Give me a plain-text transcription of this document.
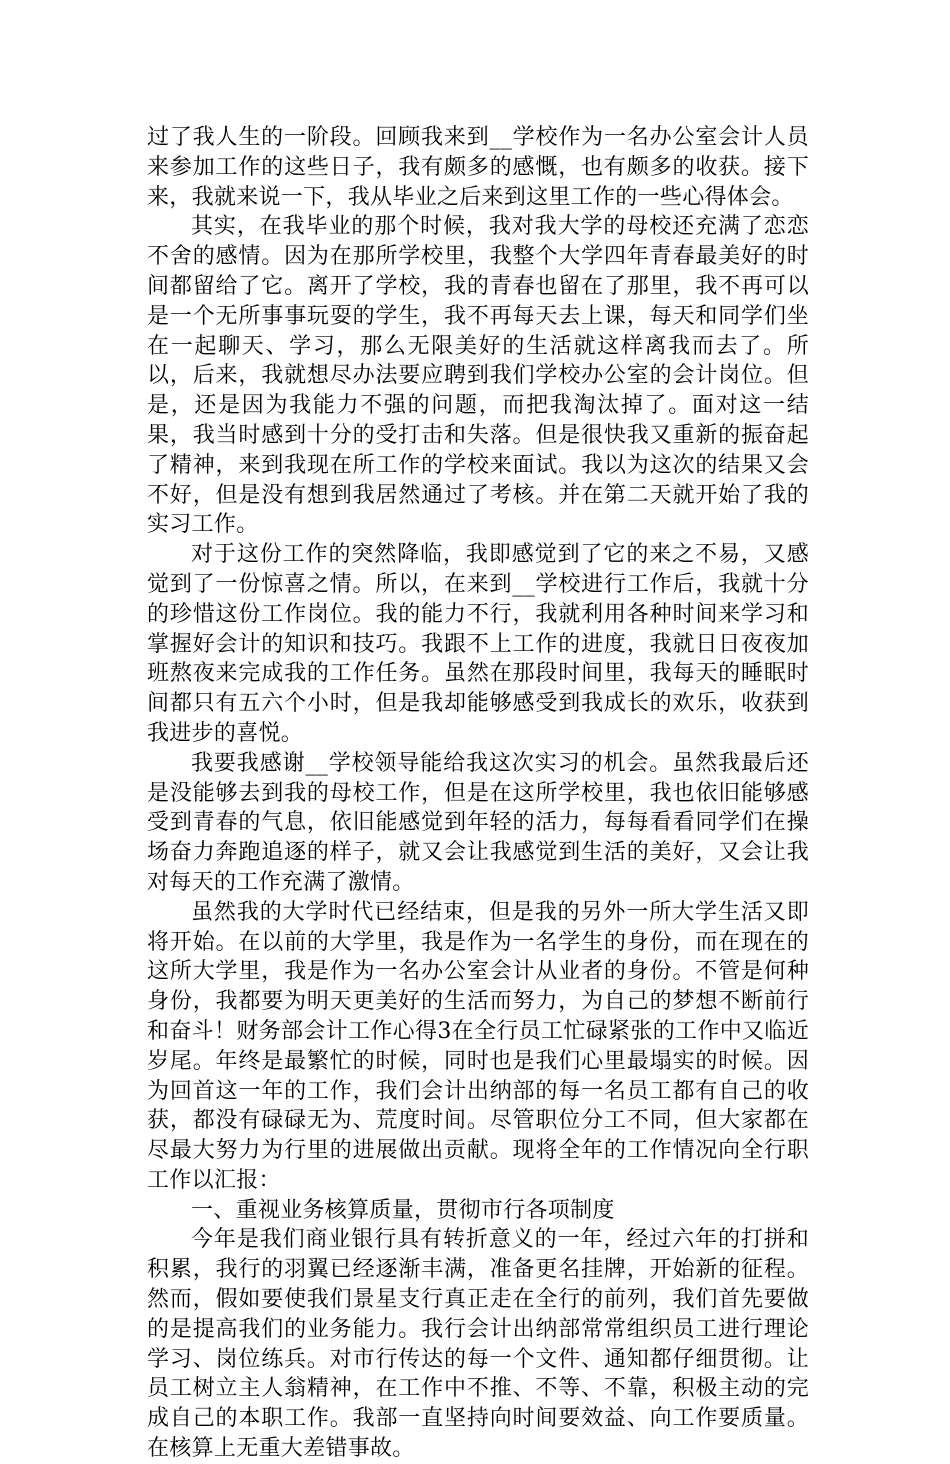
过了我人生的一阶段。回顾我来到__学校作为一名办公室会计人员来参加工作的这些日子，我有颇多的感慨，也有颇多的收获。接下来，我就来说一下，我从毕业之后来到这里工作的一些心得体会。

其实，在我毕业的那个时候，我对我大学的母校还充满了恋恋不舍的感情。因为在那所学校里，我整个大学四年青春最美好的时间都留给了它。离开了学校，我的青春也留在了那里，我不再可以是一个无所事事玩耍的学生，我不再每天去上课，每天和同学们坐在一起聊天、学习，那么无限美好的生活就这样离我而去了。所以，后来，我就想尽办法要应聘到我们学校办公室的会计岗位。但是，还是因为我能力不强的问题，而把我淘汰掉了。面对这一结果，我当时感到十分的受打击和失落。但是很快我又重新的振奋起了精神，来到我现在所工作的学校来面试。我以为这次的结果又会不好，但是没有想到我居然通过了考核。并在第二天就开始了我的实习工作。

对于这份工作的突然降临，我即感觉到了它的来之不易，又感觉到了一份惊喜之情。所以，在来到__学校进行工作后，我就十分的珍惜这份工作岗位。我的能力不行，我就利用各种时间来学习和掌握好会计的知识和技巧。我跟不上工作的进度，我就日日夜夜加班熬夜来完成我的工作任务。虽然在那段时间里，我每天的睡眠时间都只有五六个小时，但是我却能够感受到我成长的欢乐，收获到我进步的喜悦。

我要我感谢__学校领导能给我这次实习的机会。虽然我最后还是没能够去到我的母校工作，但是在这所学校里，我也依旧能够感受到青春的气息，依旧能感觉到年轻的活力，每每看看同学们在操场奋力奔跑追逐的样子，就又会让我感觉到生活的美好，又会让我对每天的工作充满了激情。

虽然我的大学时代已经结束，但是我的另外一所大学生活又即将开始。在以前的大学里，我是作为一名学生的身份，而在现在的这所大学里，我是作为一名办公室会计从业者的身份。不管是何种身份，我都要为明天更美好的生活而努力，为自己的梦想不断前行和奋斗！财务部会计工作心得3在全行员工忙碌紧张的工作中又临近岁尾。年终是最繁忙的时候，同时也是我们心里最塌实的时候。因为回首这一年的工作，我们会计出纳部的每一名员工都有自己的收获，都没有碌碌无为、荒度时间。尽管职位分工不同，但大家都在尽最大努力为行里的进展做出贡献。现将全年的工作情况向全行职工作以汇报：

一、重视业务核算质量，贯彻市行各项制度

今年是我们商业银行具有转折意义的一年，经过六年的打拼和积累，我行的羽翼已经逐渐丰满，准备更名挂牌，开始新的征程。然而，假如要使我们景星支行真正走在全行的前列，我们首先要做的是提高我们的业务能力。我行会计出纳部常常组织员工进行理论学习、岗位练兵。对市行传达的每一个文件、通知都仔细贯彻。让员工树立主人翁精神，在工作中不推、不等、不靠，积极主动的完成自己的本职工作。我部一直坚持向时间要效益、向工作要质量。在核算上无重大差错事故。
